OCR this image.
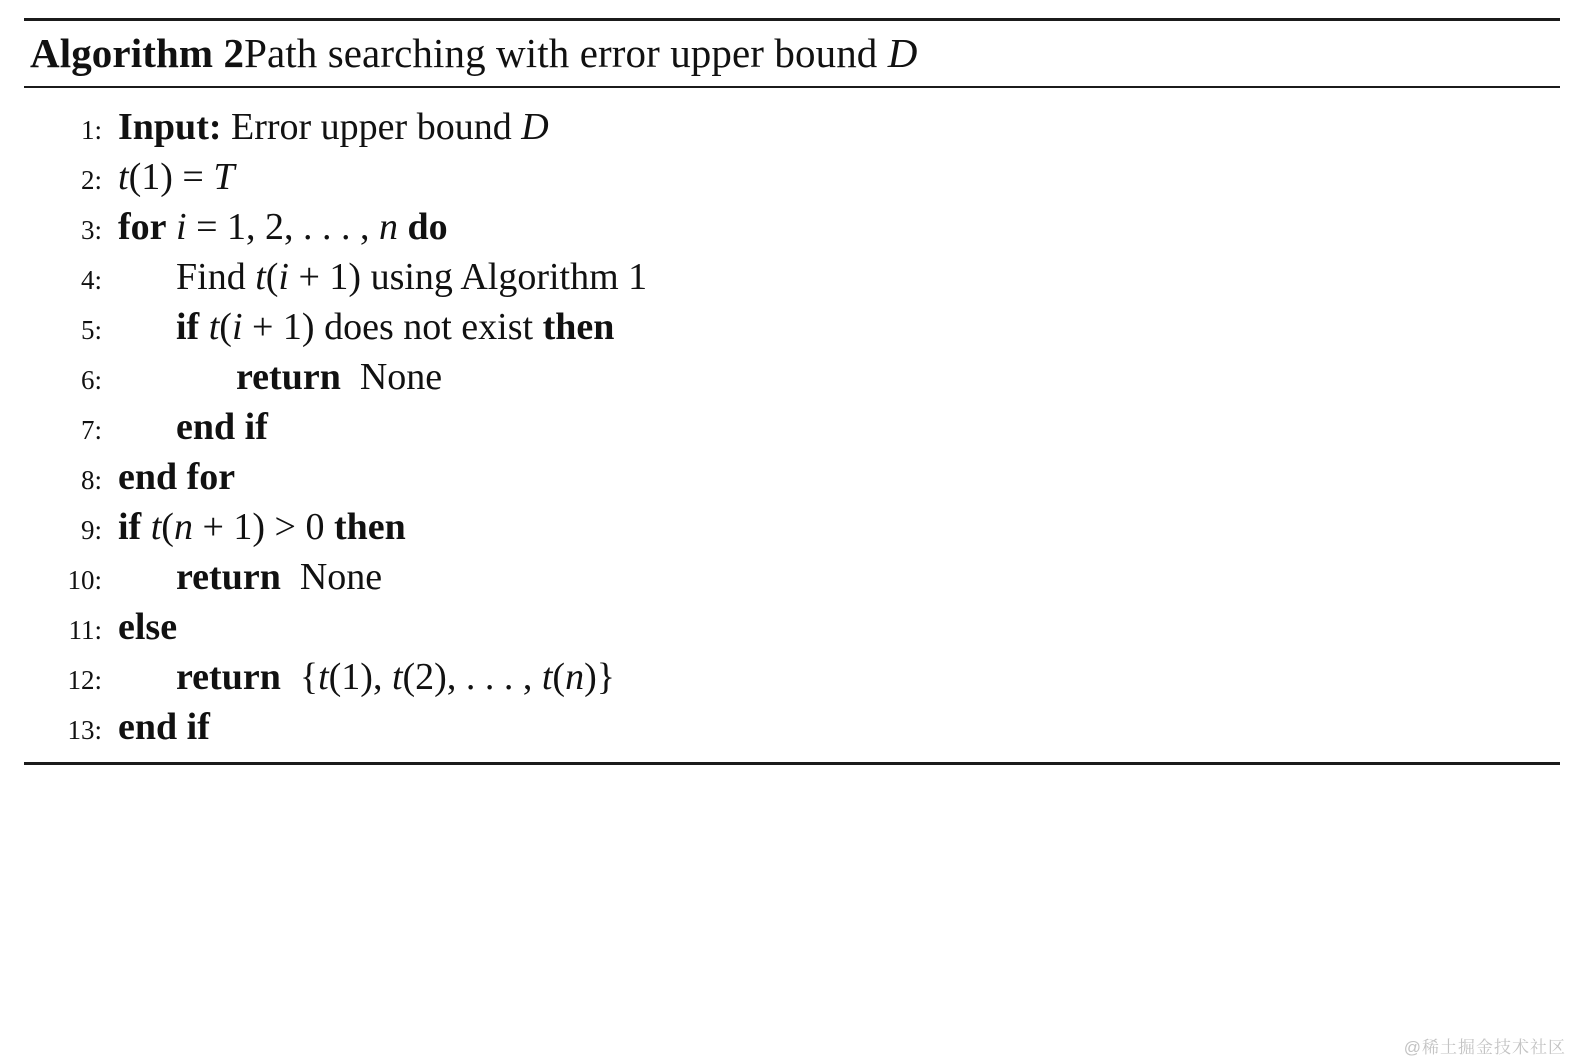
Algorithm 2Path searching with error upper bound D
1: Input: Error upper bound D
2: t(1) = T
3: for i = 1, 2, . . . , n do
4:	Find t(i + 1) using Algorithm 1
5:	if t(i + 1) does not exist then
6:	return  None
7:	end if
8: end for
9: if t(n + 1) > 0 then
10:	return  None
11: else
12:	return  {t(1), t(2), . . . , t(n)}
13: end if
@稀土掘金技术社区
